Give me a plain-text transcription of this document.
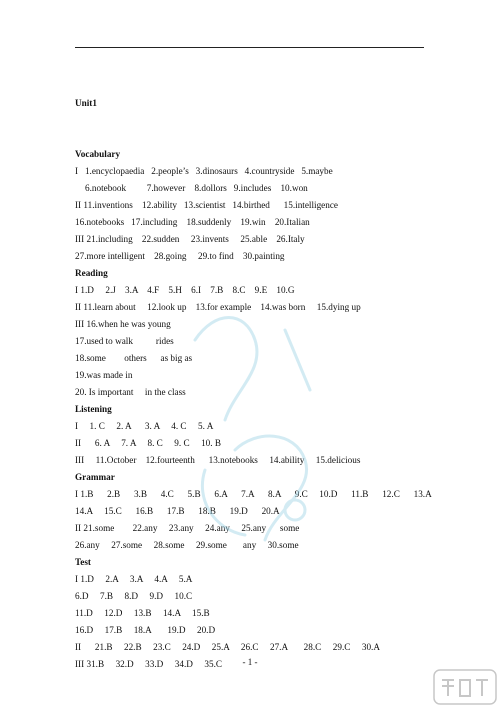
Unit1

Vocabulary
I   1.encyclopaedia   2.people’s   3.dinosaurs   4.countryside   5.maybe
6.notebook         7.however    8.dollors   9.includes    10.won
II 11.inventions    12.ability   13.scientist   14.birthed      15.intelligence
16.notebooks   17.including    18.suddenly    19.win    20.Italian
III 21.including    22.sudden     23.invents     25.able    26.Italy
27.more intelligent    28.going     29.to find    30.painting
Reading
I 1.D     2.J    3.A    4.F    5.H    6.I    7.B    8.C    9.E    10.G
II 11.learn about     12.look up    13.for example    14.was born     15.dying up
III 16.when he was young
17.used to walk          rides
18.some        others      as big as
19.was made in
20. Is important     in the class
Listening
I     1. C     2. A      3. A     4. C     5. A
II      6. A     7. A     8. C     9. C     10. B
III     11.October    12.fourteenth      13.notebooks     14.ability     15.delicious
Grammar
I 1.B      2.B      3.B      4.C      5.B      6.A      7.A      8.A      9.C     10.D      11.B      12.C      13.A
14.A     15.C      16.B      17.B      18.B      19.D      20.A
II 21.some        22.any     23.any     24.any     25.any      some
26.any     27.some     28.some     29.some       any     30.some
Test
I 1.D     2.A     3.A     4.A     5.A
6.D     7.B     8.D     9.D     10.C
11.D     12.D     13.B     14.A     15.B
16.D     17.B     18.A       19.D     20.D
II      21.B     22.B     23.C     24.D     25.A     26.C     27.A       28.C     29.C     30.A
III 31.B     32.D     33.D     34.D     35.C	- 1 -
